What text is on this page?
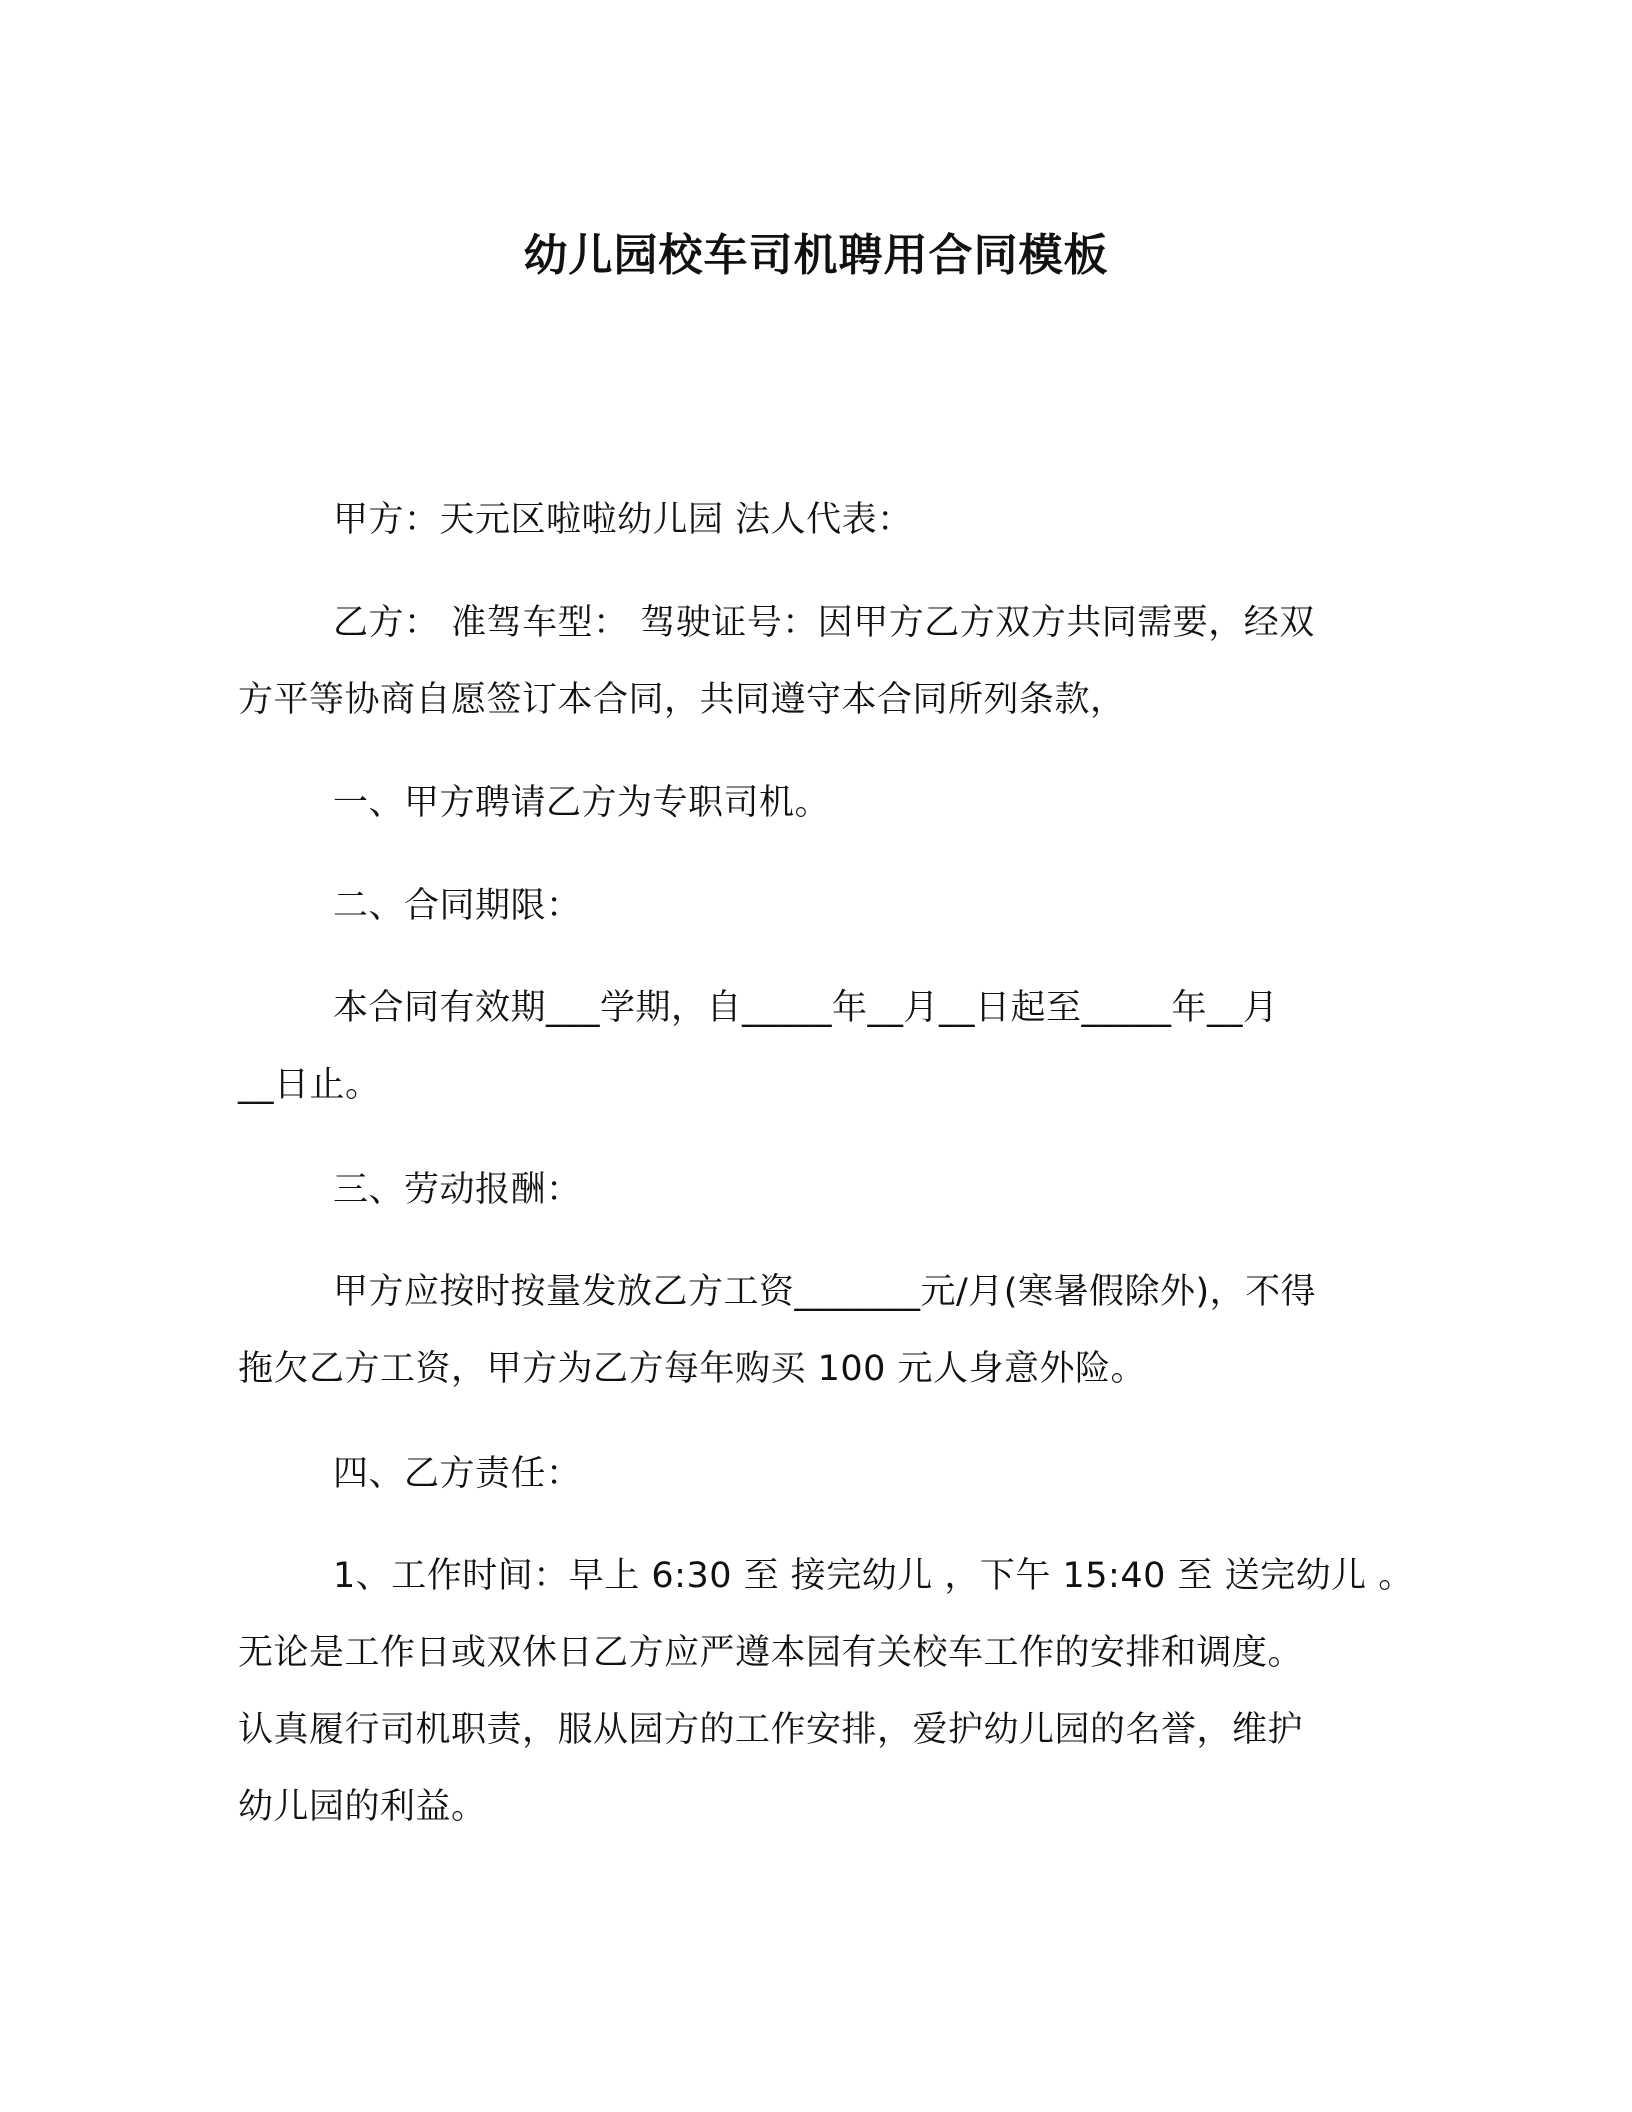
幼儿园校车司机聘用合同模板
甲方：天元区啦啦幼儿园 法人代表：
乙方： 准驾车型： 驾驶证号：因甲方乙方双方共同需要，经双
方平等协商自愿签订本合同，共同遵守本合同所列条款，
一、甲方聘请乙方为专职司机。
二、合同期限：
本合同有效期___学期，自_____年__月__日起至_____年__月
__日止。
三、劳动报酬：
甲方应按时按量发放乙方工资_______元/月(寒暑假除外)，不得
拖欠乙方工资，甲方为乙方每年购买 100 元人身意外险。
四、乙方责任：
1、工作时间：早上 6:30 至 接完幼儿 ，下午 15:40 至 送完幼儿 。
无论是工作日或双休日乙方应严遵本园有关校车工作的安排和调度。
认真履行司机职责，服从园方的工作安排，爱护幼儿园的名誉，维护
幼儿园的利益。
